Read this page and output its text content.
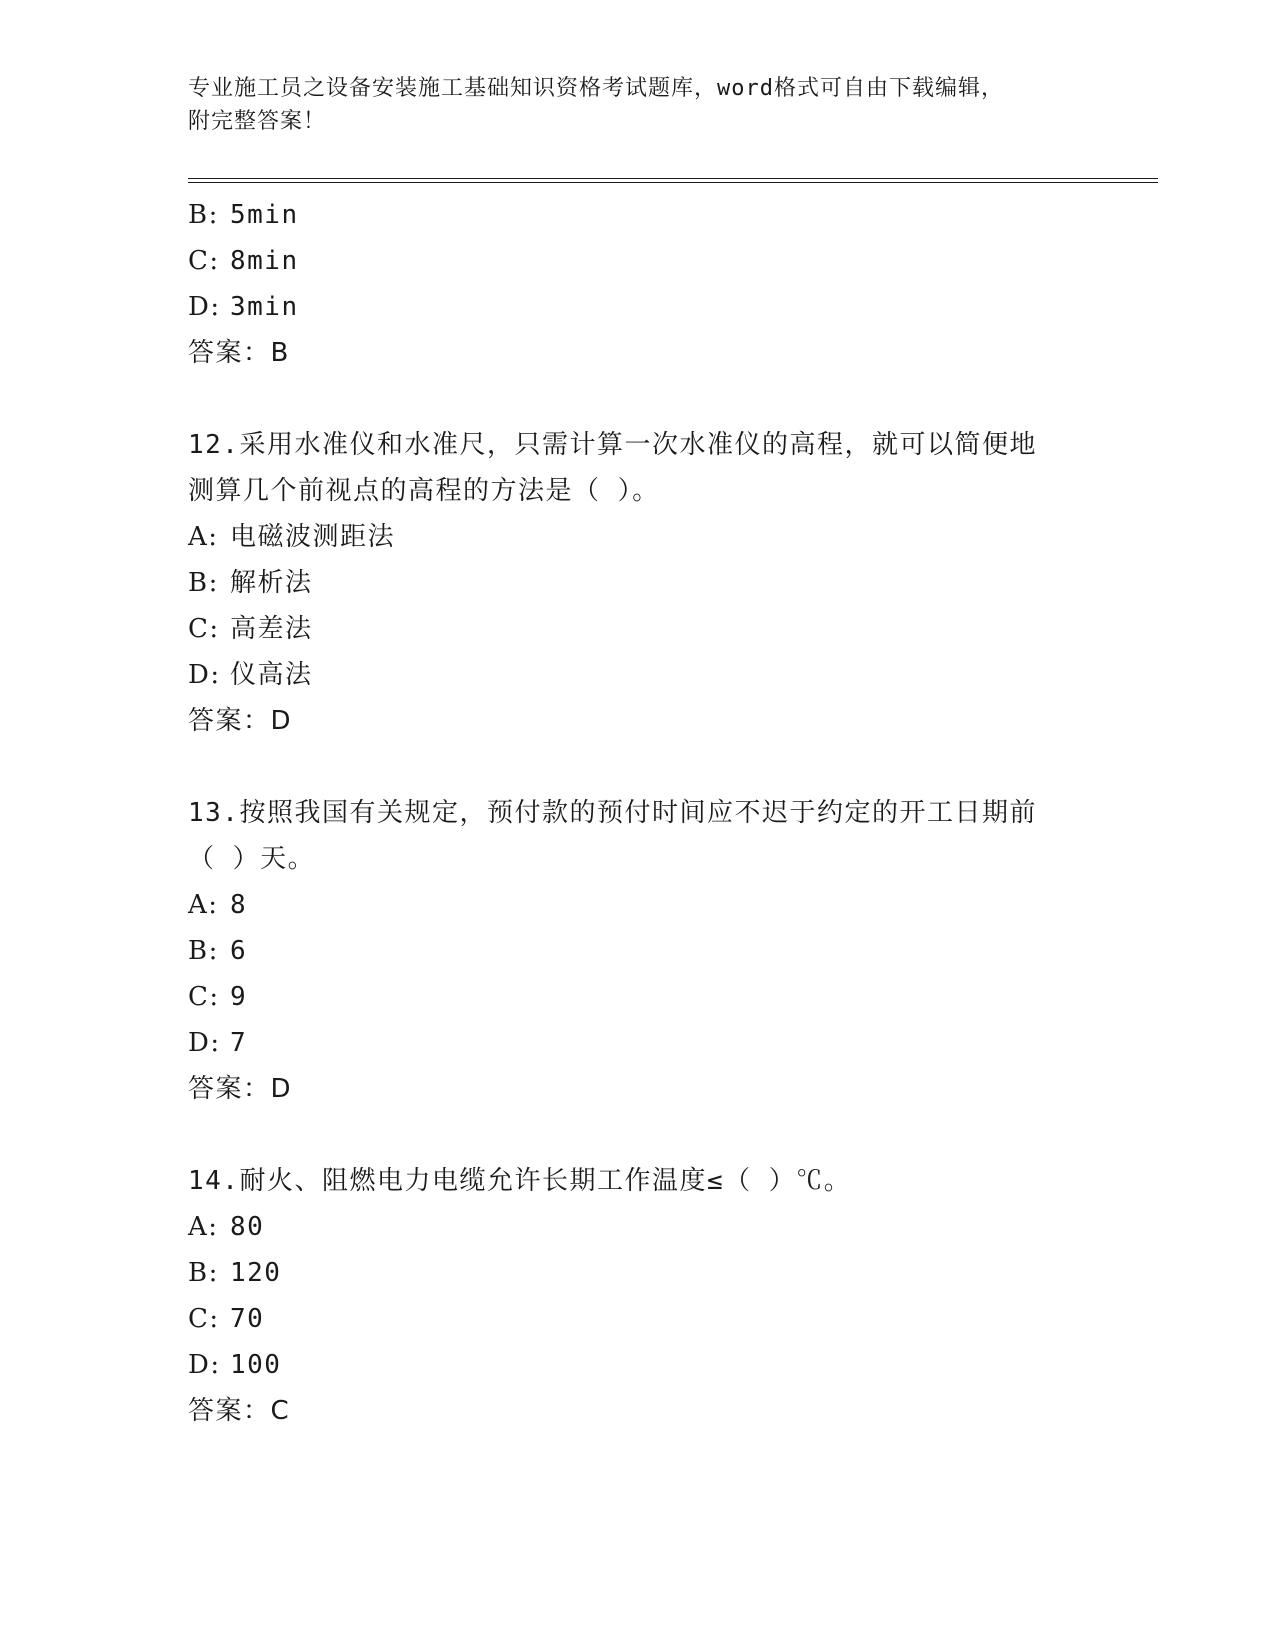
专业施工员之设备安装施工基础知识资格考试题库，word格式可自由下载编辑，
附完整答案！
B: 5min
C: 8min
D: 3min
答案：B
12.采用水准仪和水准尺，只需计算一次水准仪的高程，就可以简便地
测算几个前视点的高程的方法是（ ）。
A: 电磁波测距法
B: 解析法
C: 高差法
D: 仪高法
答案：D
13.按照我国有关规定，预付款的预付时间应不迟于约定的开工日期前
（ ）天。
A: 8
B: 6
C: 9
D: 7
答案：D
14.耐火、阻燃电力电缆允许长期工作温度≤（ ）℃。
A: 80
B: 120
C: 70
D: 100
答案：C
